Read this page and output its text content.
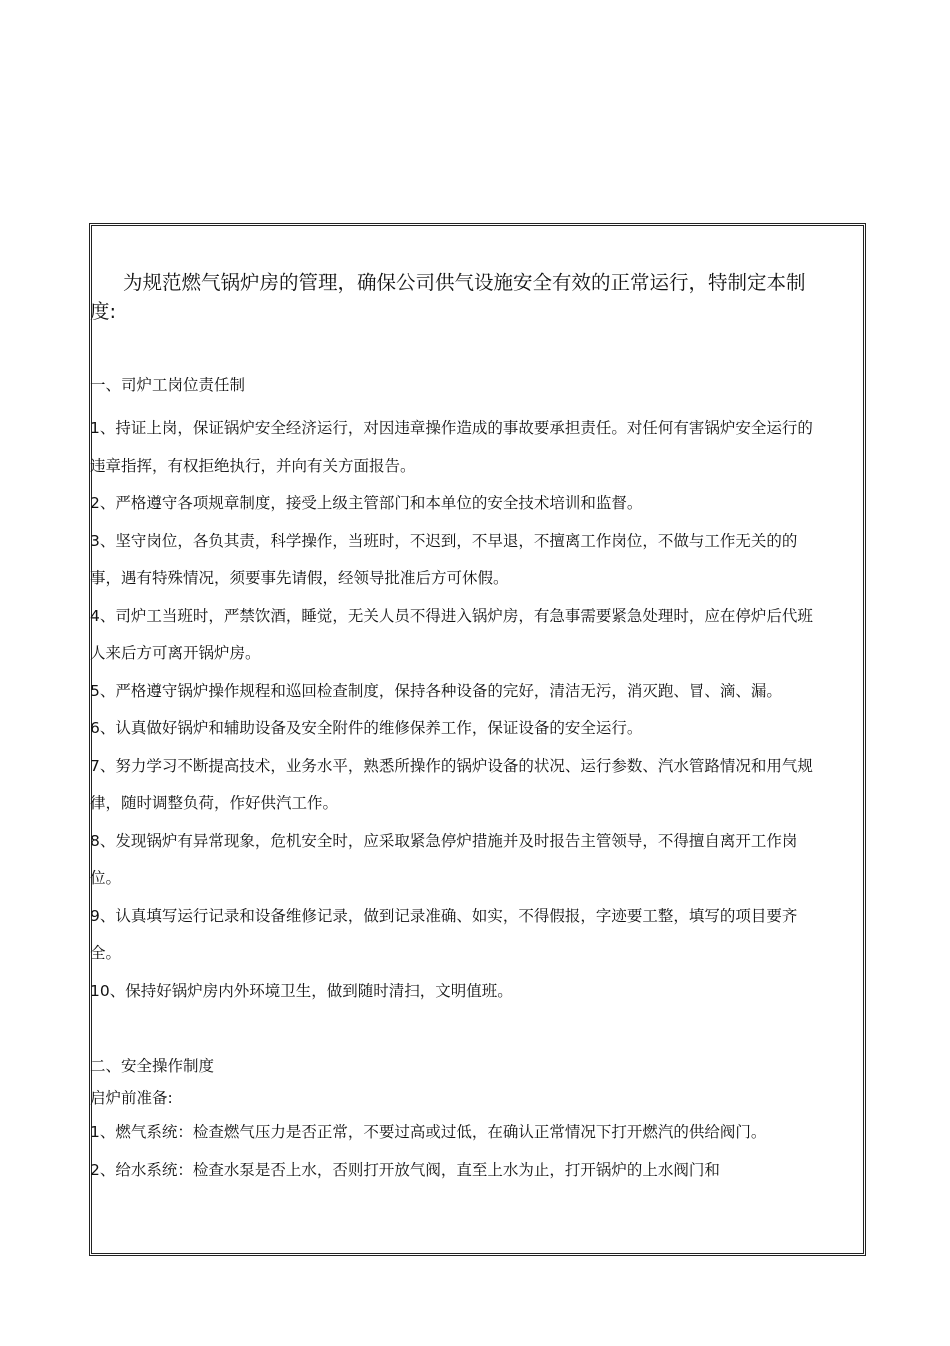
为规范燃气锅炉房的管理，确保公司供气设施安全有效的正常运行，特制定本制度:

一、司炉工岗位责任制

1、持证上岗，保证锅炉安全经济运行，对因违章操作造成的事故要承担责任。对任何有害锅炉安全运行的违章指挥，有权拒绝执行，并向有关方面报告。

2、严格遵守各项规章制度，接受上级主管部门和本单位的安全技术培训和监督。

3、坚守岗位，各负其责，科学操作，当班时，不迟到，不早退，不擅离工作岗位，不做与工作无关的的事，遇有特殊情况，须要事先请假，经领导批准后方可休假。

4、司炉工当班时，严禁饮酒，睡觉，无关人员不得进入锅炉房，有急事需要紧急处理时，应在停炉后代班人来后方可离开锅炉房。

5、严格遵守锅炉操作规程和巡回检查制度，保持各种设备的完好，清洁无污，消灭跑、冒、滴、漏。

6、认真做好锅炉和辅助设备及安全附件的维修保养工作，保证设备的安全运行。

7、努力学习不断提高技术，业务水平，熟悉所操作的锅炉设备的状况、运行参数、汽水管路情况和用气规律，随时调整负荷，作好供汽工作。

8、发现锅炉有异常现象，危机安全时，应采取紧急停炉措施并及时报告主管领导，不得擅自离开工作岗位。

9、认真填写运行记录和设备维修记录，做到记录准确、如实，不得假报，字迹要工整，填写的项目要齐全。

10、保持好锅炉房内外环境卫生，做到随时清扫，文明值班。

二、安全操作制度

启炉前准备:

1、燃气系统：检查燃气压力是否正常，不要过高或过低，在确认正常情况下打开燃汽的供给阀门。

2、给水系统：检查水泵是否上水，否则打开放气阀，直至上水为止，打开锅炉的上水阀门和
